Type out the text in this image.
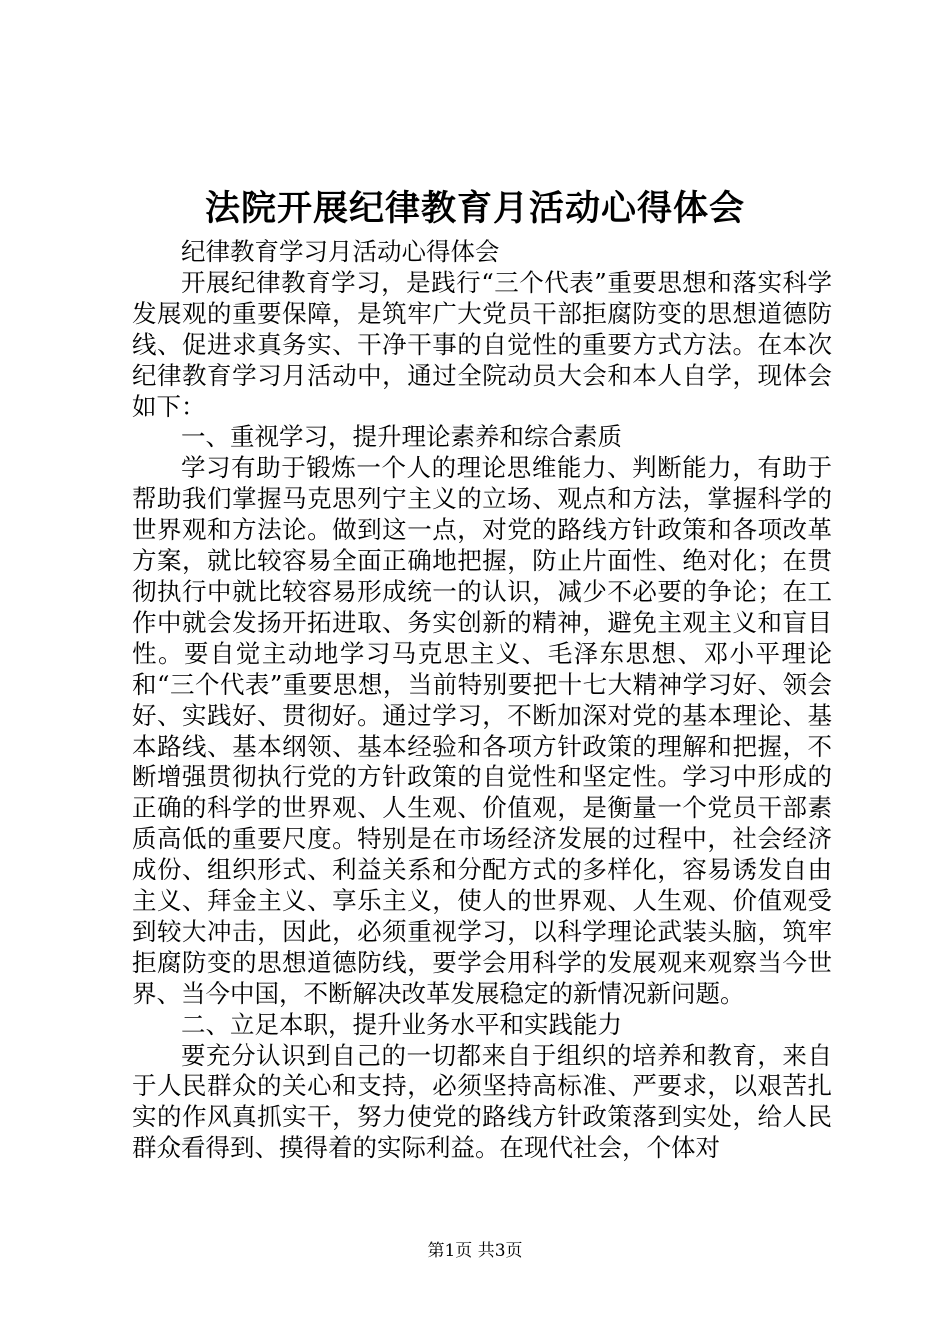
法院开展纪律教育月活动心得体会

纪律教育学习月活动心得体会

开展纪律教育学习，是践行“三个代表”重要思想和落实科学发展观的重要保障，是筑牢广大党员干部拒腐防变的思想道德防线、促进求真务实、干净干事的自觉性的重要方式方法。在本次纪律教育学习月活动中，通过全院动员大会和本人自学，现体会如下：

一、重视学习，提升理论素养和综合素质

学习有助于锻炼一个人的理论思维能力、判断能力，有助于帮助我们掌握马克思列宁主义的立场、观点和方法，掌握科学的世界观和方法论。做到这一点，对党的路线方针政策和各项改革方案，就比较容易全面正确地把握，防止片面性、绝对化；在贯彻执行中就比较容易形成统一的认识，减少不必要的争论；在工作中就会发扬开拓进取、务实创新的精神，避免主观主义和盲目性。要自觉主动地学习马克思主义、毛泽东思想、邓小平理论和“三个代表”重要思想，当前特别要把十七大精神学习好、领会好、实践好、贯彻好。通过学习，不断加深对党的基本理论、基本路线、基本纲领、基本经验和各项方针政策的理解和把握，不断增强贯彻执行党的方针政策的自觉性和坚定性。学习中形成的正确的科学的世界观、人生观、价值观，是衡量一个党员干部素质高低的重要尺度。特别是在市场经济发展的过程中，社会经济成份、组织形式、利益关系和分配方式的多样化，容易诱发自由主义、拜金主义、享乐主义，使人的世界观、人生观、价值观受到较大冲击，因此，必须重视学习，以科学理论武装头脑，筑牢拒腐防变的思想道德防线，要学会用科学的发展观来观察当今世界、当今中国，不断解决改革发展稳定的新情况新问题。

二、立足本职，提升业务水平和实践能力

要充分认识到自己的一切都来自于组织的培养和教育，来自于人民群众的关心和支持，必须坚持高标准、严要求，以艰苦扎实的作风真抓实干，努力使党的路线方针政策落到实处，给人民群众看得到、摸得着的实际利益。在现代社会，个体对

第1页 共3页
